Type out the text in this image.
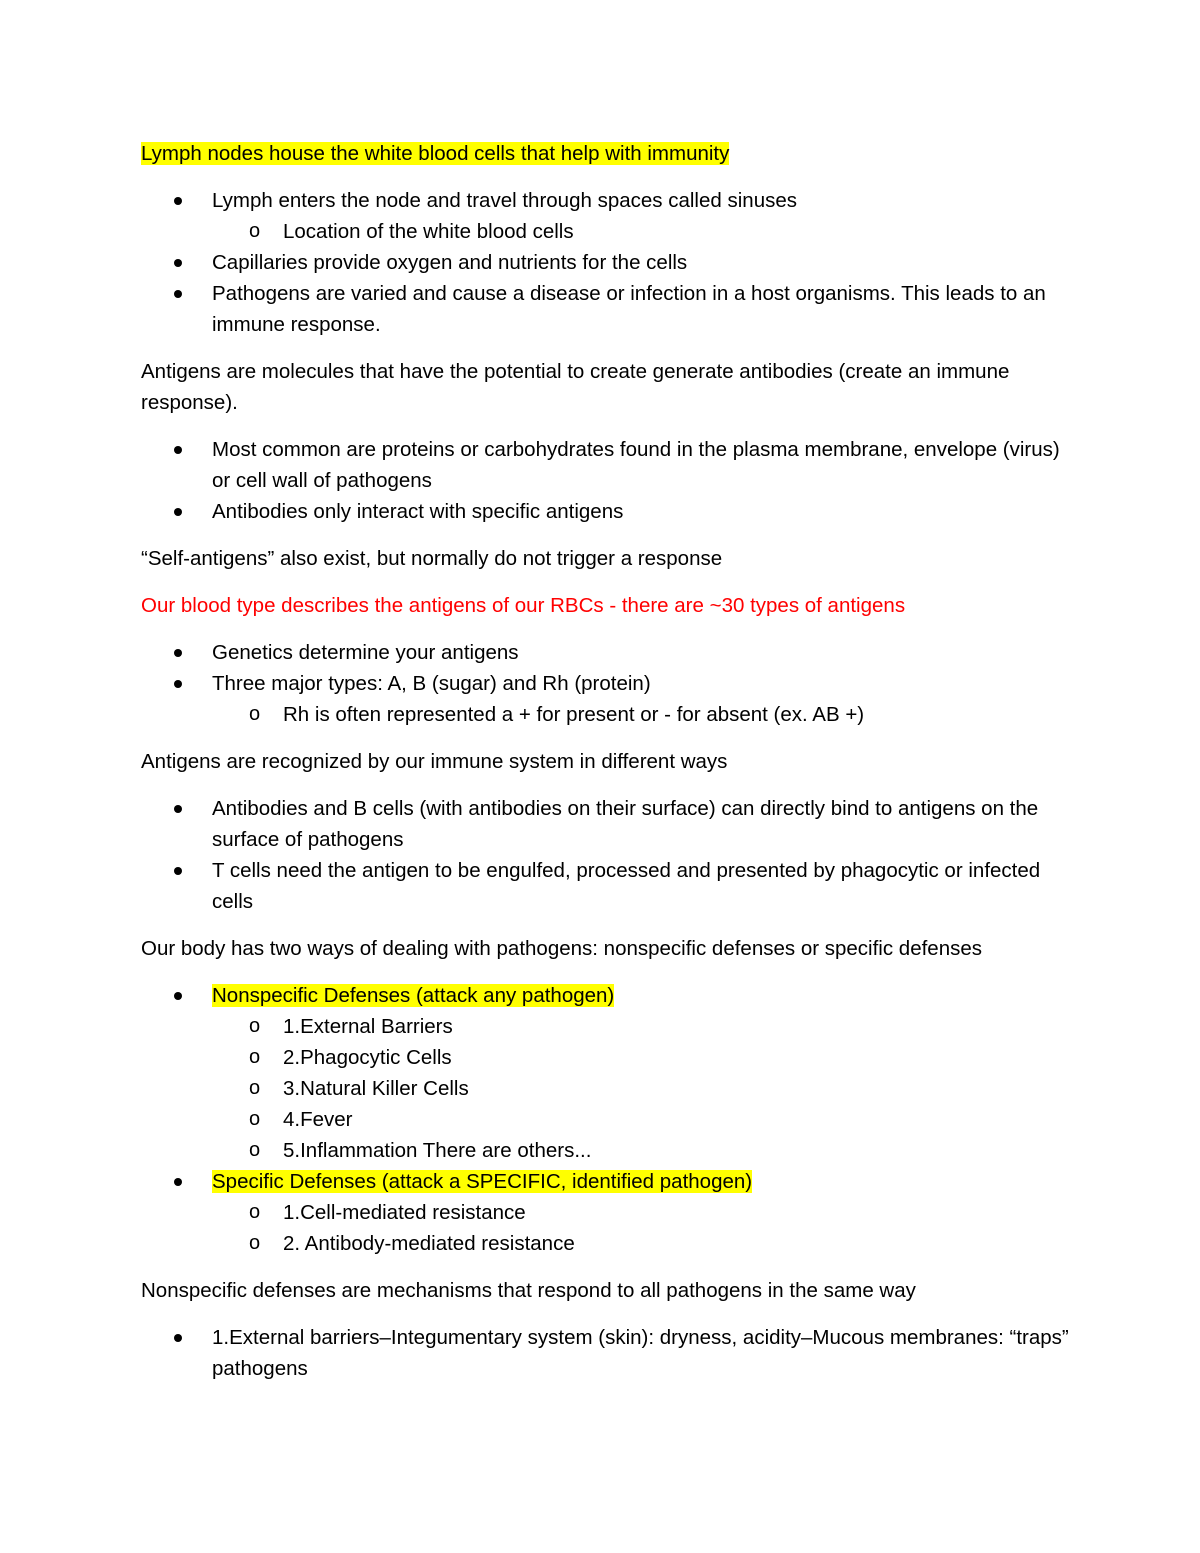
Lymph nodes house the white blood cells that help with immunity

Lymph enters the node and travel through spaces called sinuses
o Location of the white blood cells
Capillaries provide oxygen and nutrients for the cells
Pathogens are varied and cause a disease or infection in a host organisms. This leads to an immune response.

Antigens are molecules that have the potential to create generate antibodies (create an immune response).

Most common are proteins or carbohydrates found in the plasma membrane, envelope (virus) or cell wall of pathogens
Antibodies only interact with specific antigens

“Self-antigens” also exist, but normally do not trigger a response

Our blood type describes the antigens of our RBCs - there are ~30 types of antigens

Genetics determine your antigens
Three major types: A, B (sugar) and Rh (protein)
o Rh is often represented a + for present or - for absent (ex. AB +)

Antigens are recognized by our immune system in different ways

Antibodies and B cells (with antibodies on their surface) can directly bind to antigens on the surface of pathogens
T cells need the antigen to be engulfed, processed and presented by phagocytic or infected cells

Our body has two ways of dealing with pathogens: nonspecific defenses or specific defenses

Nonspecific Defenses (attack any pathogen)
o 1.External Barriers
o 2.Phagocytic Cells
o 3.Natural Killer Cells
o 4.Fever
o 5.Inflammation There are others...
Specific Defenses (attack a SPECIFIC, identified pathogen)
o 1.Cell-mediated resistance
o 2. Antibody-mediated resistance

Nonspecific defenses are mechanisms that respond to all pathogens in the same way

1.External barriers–Integumentary system (skin): dryness, acidity–Mucous membranes: “traps” pathogens
